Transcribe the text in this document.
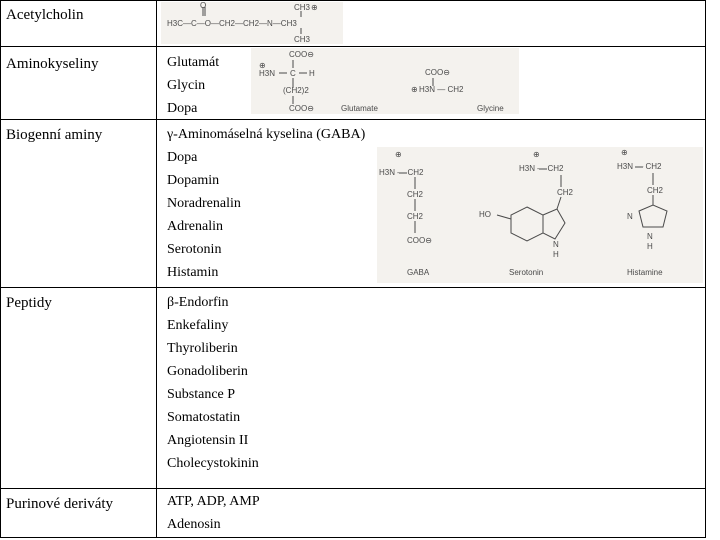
Acetylcholin
O	CH3 ⊕
CH3
H3C—C—O—CH2—CH2—N—CH3
Aminokyseliny	Glutamát
Glycin
Dopa
COO⊖
⊕
H3N C H
(CH2)2
COO⊖	Glutamate
COO⊖
⊕ H3N — CH2
Glycine
Biogenní aminy	γ-Aminomáselná kyselina (GABA)
Dopa
Dopamin
Noradrenalin
Adrenalin
Serotonin
Histamin
⊕
H3N — CH2
CH2
CH2
COO⊖
GABA
⊕
H3N — CH2
CH2
HO
N
H
Serotonin
⊕
H3N — CH2
CH2
N
N
H
Histamine
Peptidy	β-Endorfin
Enkefaliny
Thyroliberin
Gonadoliberin
Substance P
Somatostatin
Angiotensin II
Cholecystokinin
Purinové deriváty	ATP, ADP, AMP
Adenosin
